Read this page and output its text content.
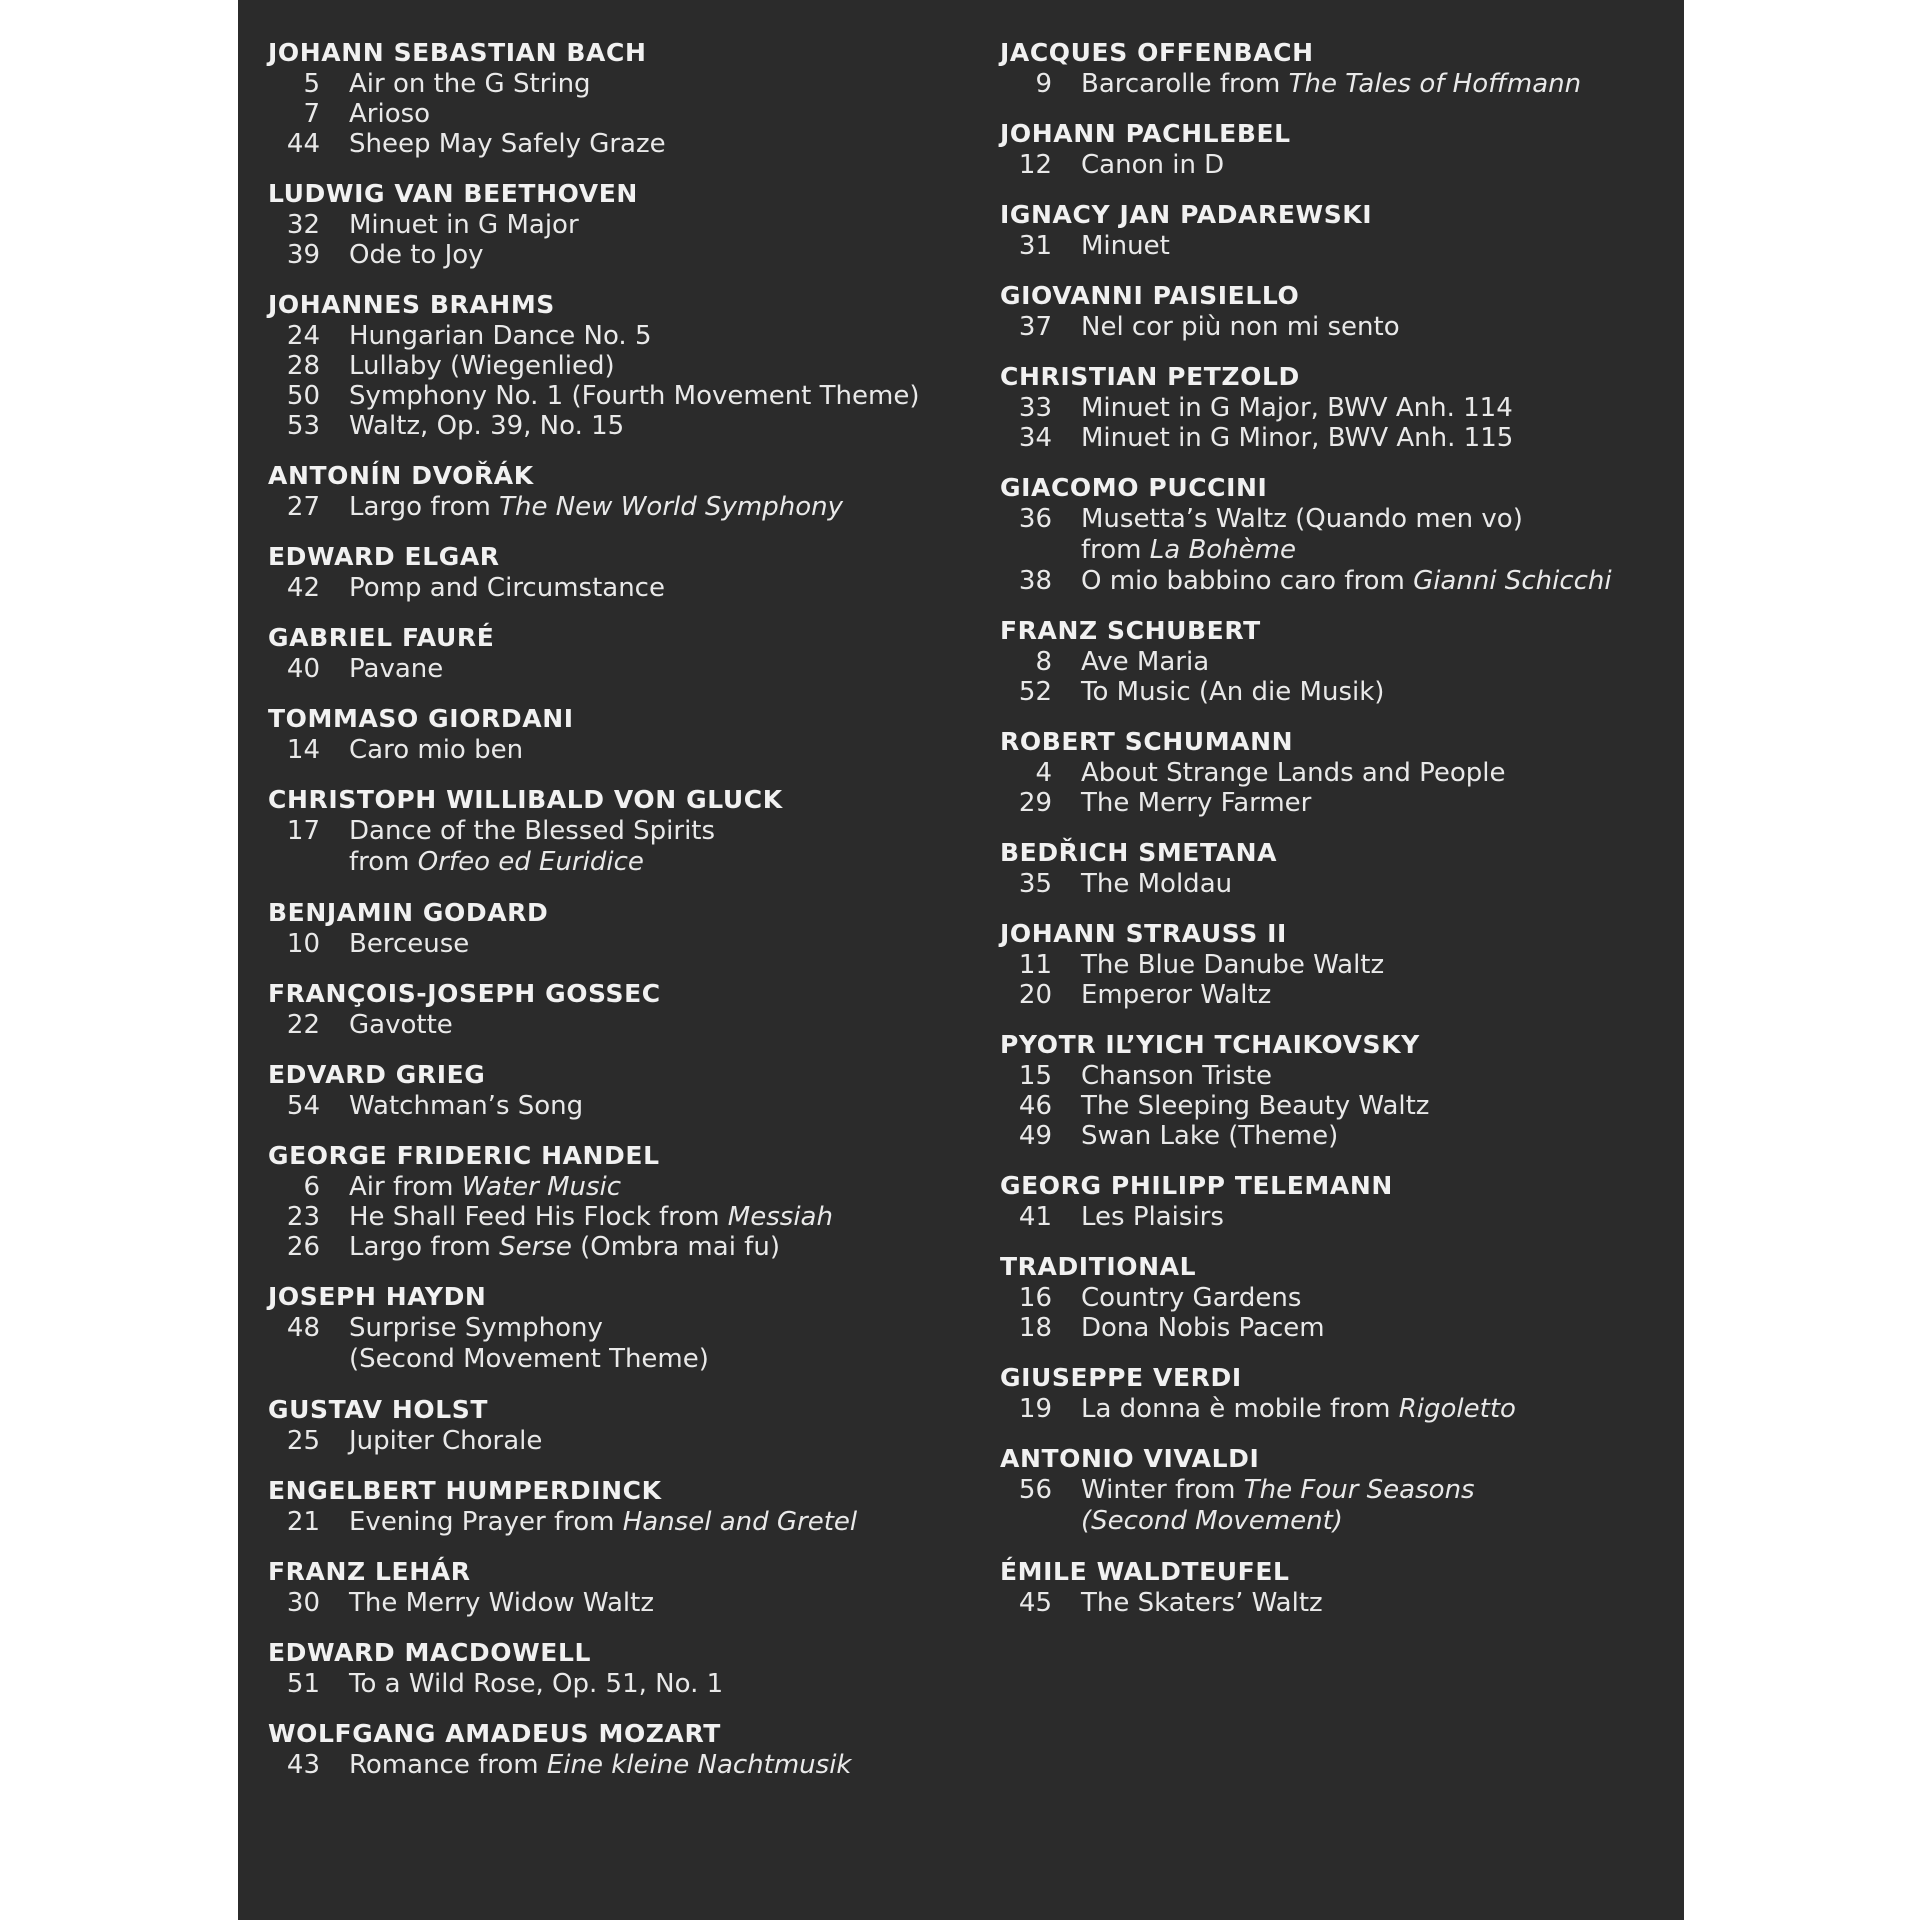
JOHANN SEBASTIAN BACH
5 Air on the G String
7 Arioso
44 Sheep May Safely Graze
LUDWIG VAN BEETHOVEN
32 Minuet in G Major
39 Ode to Joy
JOHANNES BRAHMS
24 Hungarian Dance No. 5
28 Lullaby (Wiegenlied)
50 Symphony No. 1 (Fourth Movement Theme)
53 Waltz, Op. 39, No. 15
ANTONÍN DVOŘÁK
27 Largo from The New World Symphony
EDWARD ELGAR
42 Pomp and Circumstance
GABRIEL FAURÉ
40 Pavane
TOMMASO GIORDANI
14 Caro mio ben
CHRISTOPH WILLIBALD VON GLUCK
17 Dance of the Blessed Spirits
from Orfeo ed Euridice
BENJAMIN GODARD
10 Berceuse
FRANÇOIS-JOSEPH GOSSEC
22 Gavotte
EDVARD GRIEG
54 Watchman’s Song
GEORGE FRIDERIC HANDEL
6 Air from Water Music
23 He Shall Feed His Flock from Messiah
26 Largo from Serse (Ombra mai fu)
JOSEPH HAYDN
48 Surprise Symphony
(Second Movement Theme)
GUSTAV HOLST
25 Jupiter Chorale
ENGELBERT HUMPERDINCK
21 Evening Prayer from Hansel and Gretel
FRANZ LEHÁR
30 The Merry Widow Waltz
EDWARD MACDOWELL
51 To a Wild Rose, Op. 51, No. 1
WOLFGANG AMADEUS MOZART
43 Romance from Eine kleine Nachtmusik
JACQUES OFFENBACH
9 Barcarolle from The Tales of Hoffmann
JOHANN PACHLEBEL
12 Canon in D
IGNACY JAN PADAREWSKI
31 Minuet
GIOVANNI PAISIELLO
37 Nel cor più non mi sento
CHRISTIAN PETZOLD
33 Minuet in G Major, BWV Anh. 114
34 Minuet in G Minor, BWV Anh. 115
GIACOMO PUCCINI
36 Musetta’s Waltz (Quando men vo)
from La Bohème
38 O mio babbino caro from Gianni Schicchi
FRANZ SCHUBERT
8 Ave Maria
52 To Music (An die Musik)
ROBERT SCHUMANN
4 About Strange Lands and People
29 The Merry Farmer
BEDŘICH SMETANA
35 The Moldau
JOHANN STRAUSS II
11 The Blue Danube Waltz
20 Emperor Waltz
PYOTR IL’YICH TCHAIKOVSKY
15 Chanson Triste
46 The Sleeping Beauty Waltz
49 Swan Lake (Theme)
GEORG PHILIPP TELEMANN
41 Les Plaisirs
TRADITIONAL
16 Country Gardens
18 Dona Nobis Pacem
GIUSEPPE VERDI
19 La donna è mobile from Rigoletto
ANTONIO VIVALDI
56 Winter from The Four Seasons
(Second Movement)
ÉMILE WALDTEUFEL
45 The Skaters’ Waltz
